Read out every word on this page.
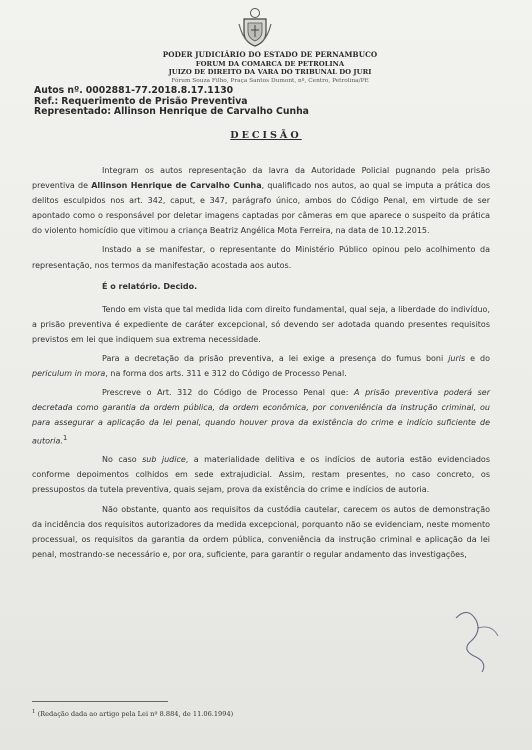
PODER JUDICIÁRIO DO ESTADO DE PERNAMBUCO
FORUM DA COMARCA DE PETROLINA
JUIZO DE DIREITO DA VARA DO TRIBUNAL DO JURI
Fórum Souza Filho, Praça Santos Dumont, nº, Centro, Petrolina/PE
Autos nº. 0002881-77.2018.8.17.1130
Ref.: Requerimento de Prisão Preventiva
Representado: Allinson Henrique de Carvalho Cunha
DECISÃO

Integram os autos representação da lavra da Autoridade Policial pugnando pela prisão preventiva de Allinson Henrique de Carvalho Cunha, qualificado nos autos, ao qual se imputa a prática dos delitos esculpidos nos art. 342, caput, e 347, parágrafo único, ambos do Código Penal, em virtude de ser apontado como o responsável por deletar imagens captadas por câmeras em que aparece o suspeito da prática do violento homicídio que vitimou a criança Beatriz Angélica Mota Ferreira, na data de 10.12.2015.

Instado a se manifestar, o representante do Ministério Público opinou pelo acolhimento da representação, nos termos da manifestação acostada aos autos.

É o relatório. Decido.

Tendo em vista que tal medida lida com direito fundamental, qual seja, a liberdade do indivíduo, a prisão preventiva é expediente de caráter excepcional, só devendo ser adotada quando presentes requisitos previstos em lei que indiquem sua extrema necessidade.

Para a decretação da prisão preventiva, a lei exige a presença do fumus boni juris e do periculum in mora, na forma dos arts. 311 e 312 do Código de Processo Penal.

Prescreve o Art. 312 do Código de Processo Penal que: A prisão preventiva poderá ser decretada como garantia da ordem pública, da ordem econômica, por conveniência da instrução criminal, ou para assegurar a aplicação da lei penal, quando houver prova da existência do crime e indício suficiente de autoria.$^1$

No caso sub judice, a materialidade delitiva e os indícios de autoria estão evidenciados conforme depoimentos colhidos em sede extrajudicial. Assim, restam presentes, no caso concreto, os pressupostos da tutela preventiva, quais sejam, prova da existência do crime e indícios de autoria.

Não obstante, quanto aos requisitos da custódia cautelar, carecem os autos de demonstração da incidência dos requisitos autorizadores da medida excepcional, porquanto não se evidenciam, neste momento processual, os requisitos da garantia da ordem pública, conveniência da instrução criminal e aplicação da lei penal, mostrando-se necessário e, por ora, suficiente, para garantir o regular andamento das investigações,

$^1$ (Redação dada ao artigo pela Lei nº 8.884, de 11.06.1994)
